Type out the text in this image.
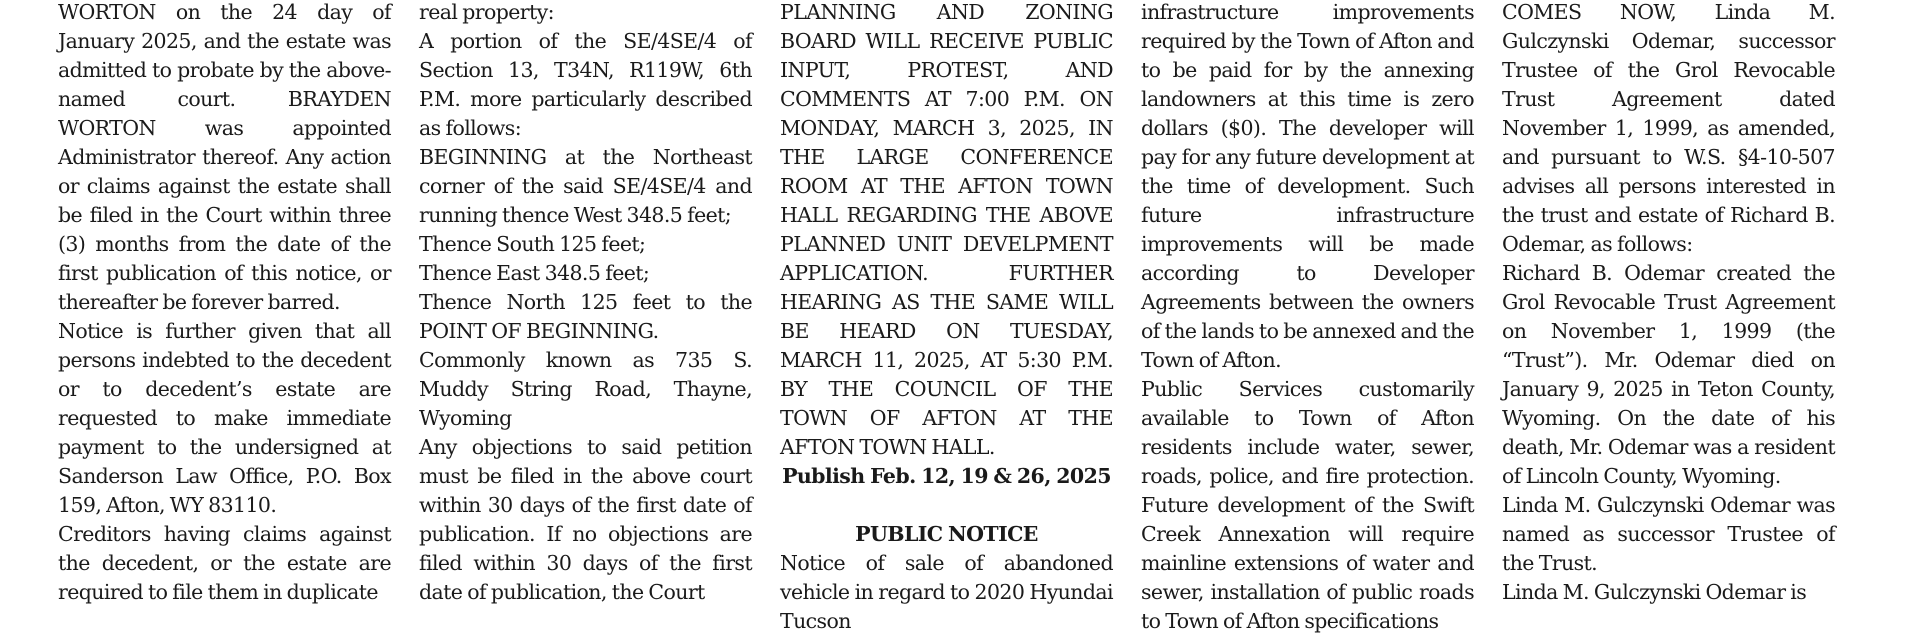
WORTON on the 24 day of January 2025, and the estate was admitted to probate by the above- named court. BRAYDEN WORTON was appointed Administrator thereof. Any action or claims against the estate shall be filed in the Court within three (3) months from the date of the first publication of this notice, or thereafter be forever barred.

Notice is further given that all persons indebted to the decedent or to decedent’s estate are requested to make immediate payment to the undersigned at Sanderson Law Office, P.O. Box 159, Afton, WY 83110.

Creditors having claims against the decedent, or the estate are required to file them in duplicate

real property:

A portion of the SE/4SE/4 of Section 13, T34N, R119W, 6th P.M. more particularly described as follows:

BEGINNING at the Northeast corner of the said SE/4SE/4 and running thence West 348.5 feet;

Thence South 125 feet;

Thence East 348.5 feet;

Thence North 125 feet to the POINT OF BEGINNING.

Commonly known as 735 S. Muddy String Road, Thayne, Wyoming

Any objections to said petition must be filed in the above court within 30 days of the first date of publication. If no objections are filed within 30 days of the first date of publication, the Court

PLANNING AND ZONING BOARD WILL RECEIVE PUBLIC INPUT, PROTEST, AND COMMENTS AT 7:00 P.M. ON MONDAY, MARCH 3, 2025, IN THE LARGE CONFERENCE ROOM AT THE AFTON TOWN HALL REGARDING THE ABOVE PLANNED UNIT DEVELPMENT APPLICATION. FURTHER HEARING AS THE SAME WILL BE HEARD ON TUESDAY, MARCH 11, 2025, AT 5:30 P.M. BY THE COUNCIL OF THE TOWN OF AFTON AT THE AFTON TOWN HALL.

Publish Feb. 12, 19 & 26, 2025

PUBLIC NOTICE

Notice of sale of abandoned vehicle in regard to 2020 Hyundai Tucson

infrastructure improvements required by the Town of Afton and to be paid for by the annexing landowners at this time is zero dollars ($0). The developer will pay for any future development at the time of development. Such future infrastructure improvements will be made according to Developer Agreements between the owners of the lands to be annexed and the Town of Afton.

Public Services customarily available to Town of Afton residents include water, sewer, roads, police, and fire protection. Future development of the Swift Creek Annexation will require mainline extensions of water and sewer, installation of public roads to Town of Afton specifications

COMES NOW, Linda M. Gulczynski Odemar, successor Trustee of the Grol Revocable Trust Agreement dated November 1, 1999, as amended, and pursuant to W.S. §4-10-507 advises all persons interested in the trust and estate of Richard B. Odemar, as follows:

Richard B. Odemar created the Grol Revocable Trust Agreement on November 1, 1999 (the “Trust”). Mr. Odemar died on January 9, 2025 in Teton County, Wyoming. On the date of his death, Mr. Odemar was a resident of Lincoln County, Wyoming.

Linda M. Gulczynski Odemar was named as successor Trustee of the Trust.

Linda M. Gulczynski Odemar is
